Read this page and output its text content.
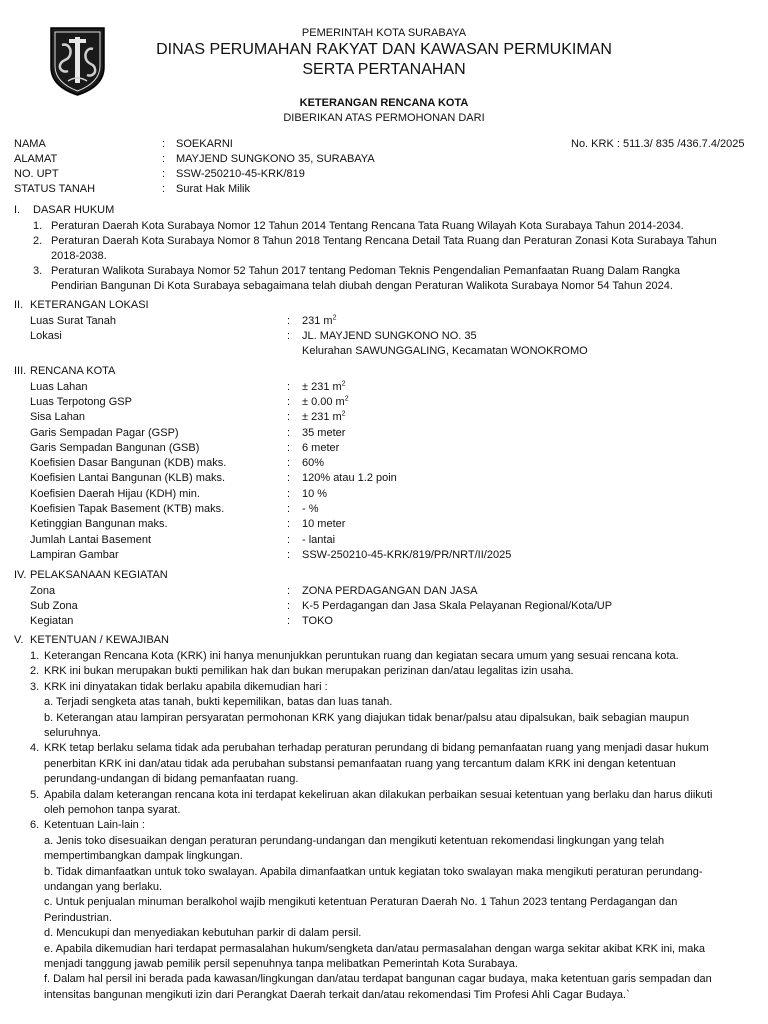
PEMERINTAH KOTA SURABAYA
DINAS PERUMAHAN RAKYAT DAN KAWASAN PERMUKIMAN
SERTA PERTANAHAN
KETERANGAN RENCANA KOTA
DIBERIKAN ATAS PERMOHONAN DARI
NAMA	: SOEKARNI
ALAMAT	: MAYJEND SUNGKONO 35, SURABAYA
NO. UPT	: SSW-250210-45-KRK/819
STATUS TANAH	: Surat Hak Milik
No. KRK : 511.3/ 835 /436.7.4/2025
I. DASAR HUKUM
1. Peraturan Daerah Kota Surabaya Nomor 12 Tahun 2014 Tentang Rencana Tata Ruang Wilayah Kota Surabaya Tahun 2014-2034.
2. Peraturan Daerah Kota Surabaya Nomor 8 Tahun 2018 Tentang Rencana Detail Tata Ruang dan Peraturan Zonasi Kota Surabaya Tahun
2018-2038.
3. Peraturan Walikota Surabaya Nomor 52 Tahun 2017 tentang Pedoman Teknis Pengendalian Pemanfaatan Ruang Dalam Rangka
Pendirian Bangunan Di Kota Surabaya sebagaimana telah diubah dengan Peraturan Walikota Surabaya Nomor 54 Tahun 2024.
II. KETERANGAN LOKASI
Luas Surat Tanah	: 231 $m^2$
Lokasi	: JL. MAYJEND SUNGKONO NO. 35
Kelurahan SAWUNGGALING, Kecamatan WONOKROMO
III. RENCANA KOTA
Luas Lahan	: ± 231 $m^2$
Luas Terpotong GSP	: ± 0.00 $m^2$
Sisa Lahan	: ± 231 $m^2$
Garis Sempadan Pagar (GSP)	: 35 meter
Garis Sempadan Bangunan (GSB)	: 6 meter
Koefisien Dasar Bangunan (KDB) maks.	: 60%
Koefisien Lantai Bangunan (KLB) maks.	: 120% atau 1.2 poin
Koefisien Daerah Hijau (KDH) min.	: 10 %
Koefisien Tapak Basement (KTB) maks.	: - %
Ketinggian Bangunan maks.	: 10 meter
Jumlah Lantai Basement	: - lantai
Lampiran Gambar	: SSW-250210-45-KRK/819/PR/NRT/II/2025
IV. PELAKSANAAN KEGIATAN
Zona	: ZONA PERDAGANGAN DAN JASA
Sub Zona	: K-5 Perdagangan dan Jasa Skala Pelayanan Regional/Kota/UP
Kegiatan	: TOKO
V. KETENTUAN / KEWAJIBAN
1. Keterangan Rencana Kota (KRK) ini hanya menunjukkan peruntukan ruang dan kegiatan secara umum yang sesuai rencana kota.
2. KRK ini bukan merupakan bukti pemilikan hak dan bukan merupakan perizinan dan/atau legalitas izin usaha.
3. KRK ini dinyatakan tidak berlaku apabila dikemudian hari :
a. Terjadi sengketa atas tanah, bukti kepemilikan, batas dan luas tanah.
b. Keterangan atau lampiran persyaratan permohonan KRK yang diajukan tidak benar/palsu atau dipalsukan, baik sebagian maupun
seluruhnya.
4. KRK tetap berlaku selama tidak ada perubahan terhadap peraturan perundang di bidang pemanfaatan ruang yang menjadi dasar hukum
penerbitan KRK ini dan/atau tidak ada perubahan substansi pemanfaatan ruang yang tercantum dalam KRK ini dengan ketentuan
perundang-undangan di bidang pemanfaatan ruang.
5. Apabila dalam keterangan rencana kota ini terdapat kekeliruan akan dilakukan perbaikan sesuai ketentuan yang berlaku dan harus diikuti
oleh pemohon tanpa syarat.
6. Ketentuan Lain-lain :
a. Jenis toko disesuaikan dengan peraturan perundang-undangan dan mengikuti ketentuan rekomendasi lingkungan yang telah
mempertimbangkan dampak lingkungan.
b. Tidak dimanfaatkan untuk toko swalayan. Apabila dimanfaatkan untuk kegiatan toko swalayan maka mengikuti peraturan perundang-
undangan yang berlaku.
c. Untuk penjualan minuman beralkohol wajib mengikuti ketentuan Peraturan Daerah No. 1 Tahun 2023 tentang Perdagangan dan
Perindustrian.
d. Mencukupi dan menyediakan kebutuhan parkir di dalam persil.
e. Apabila dikemudian hari terdapat permasalahan hukum/sengketa dan/atau permasalahan dengan warga sekitar akibat KRK ini, maka
menjadi tanggung jawab pemilik persil sepenuhnya tanpa melibatkan Pemerintah Kota Surabaya.
f. Dalam hal persil ini berada pada kawasan/lingkungan dan/atau terdapat bangunan cagar budaya, maka ketentuan garis sempadan dan
intensitas bangunan mengikuti izin dari Perangkat Daerah terkait dan/atau rekomendasi Tim Profesi Ahli Cagar Budaya.`
